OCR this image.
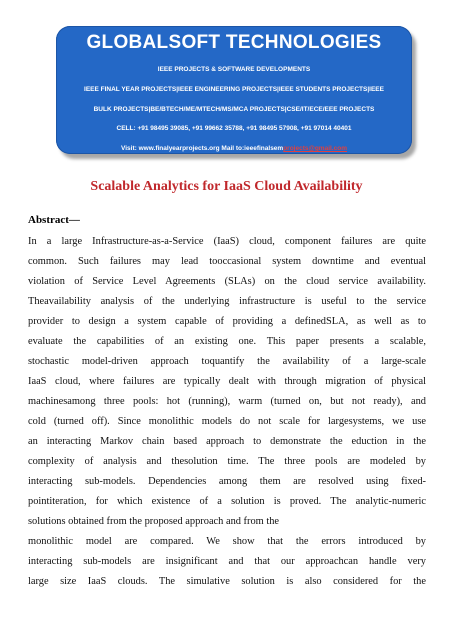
GLOBALSOFT TECHNOLOGIES
IEEE PROJECTS & SOFTWARE DEVELOPMENTS
IEEE FINAL YEAR PROJECTS|IEEE ENGINEERING PROJECTS|IEEE STUDENTS PROJECTS|IEEE
BULK PROJECTS|BE/BTECH/ME/MTECH/MS/MCA PROJECTS|CSE/IT/ECE/EEE PROJECTS
CELL: +91 98495 39085, +91 99662 35788, +91 98495 57908, +91 97014 40401
Visit: www.finalyearprojects.org Mail to:ieeefinalsemprojects@gmail.com
Scalable Analytics for IaaS Cloud Availability
Abstract—
In a large Infrastructure-as-a-Service (IaaS) cloud, component failures are quite
common. Such failures may lead tooccasional system downtime and eventual
violation of Service Level Agreements (SLAs) on the cloud service availability.
Theavailability analysis of the underlying infrastructure is useful to the service
provider to design a system capable of providing a definedSLA, as well as to
evaluate the capabilities of an existing one. This paper presents a scalable,
stochastic model-driven approach toquantify the availability of a large-scale
IaaS cloud, where failures are typically dealt with through migration of physical
machinesamong three pools: hot (running), warm (turned on, but not ready), and
cold (turned off). Since monolithic models do not scale for largesystems, we use
an interacting Markov chain based approach to demonstrate the eduction in the
complexity of analysis and thesolution time. The three pools are modeled by
interacting sub-models. Dependencies among them are resolved using fixed-
pointiteration, for which existence of a solution is proved. The analytic-numeric
solutions obtained from the proposed approach and from the
monolithic model are compared. We show that the errors introduced by
interacting sub-models are insignificant and that our approachcan handle very
large size IaaS clouds. The simulative solution is also considered for the
